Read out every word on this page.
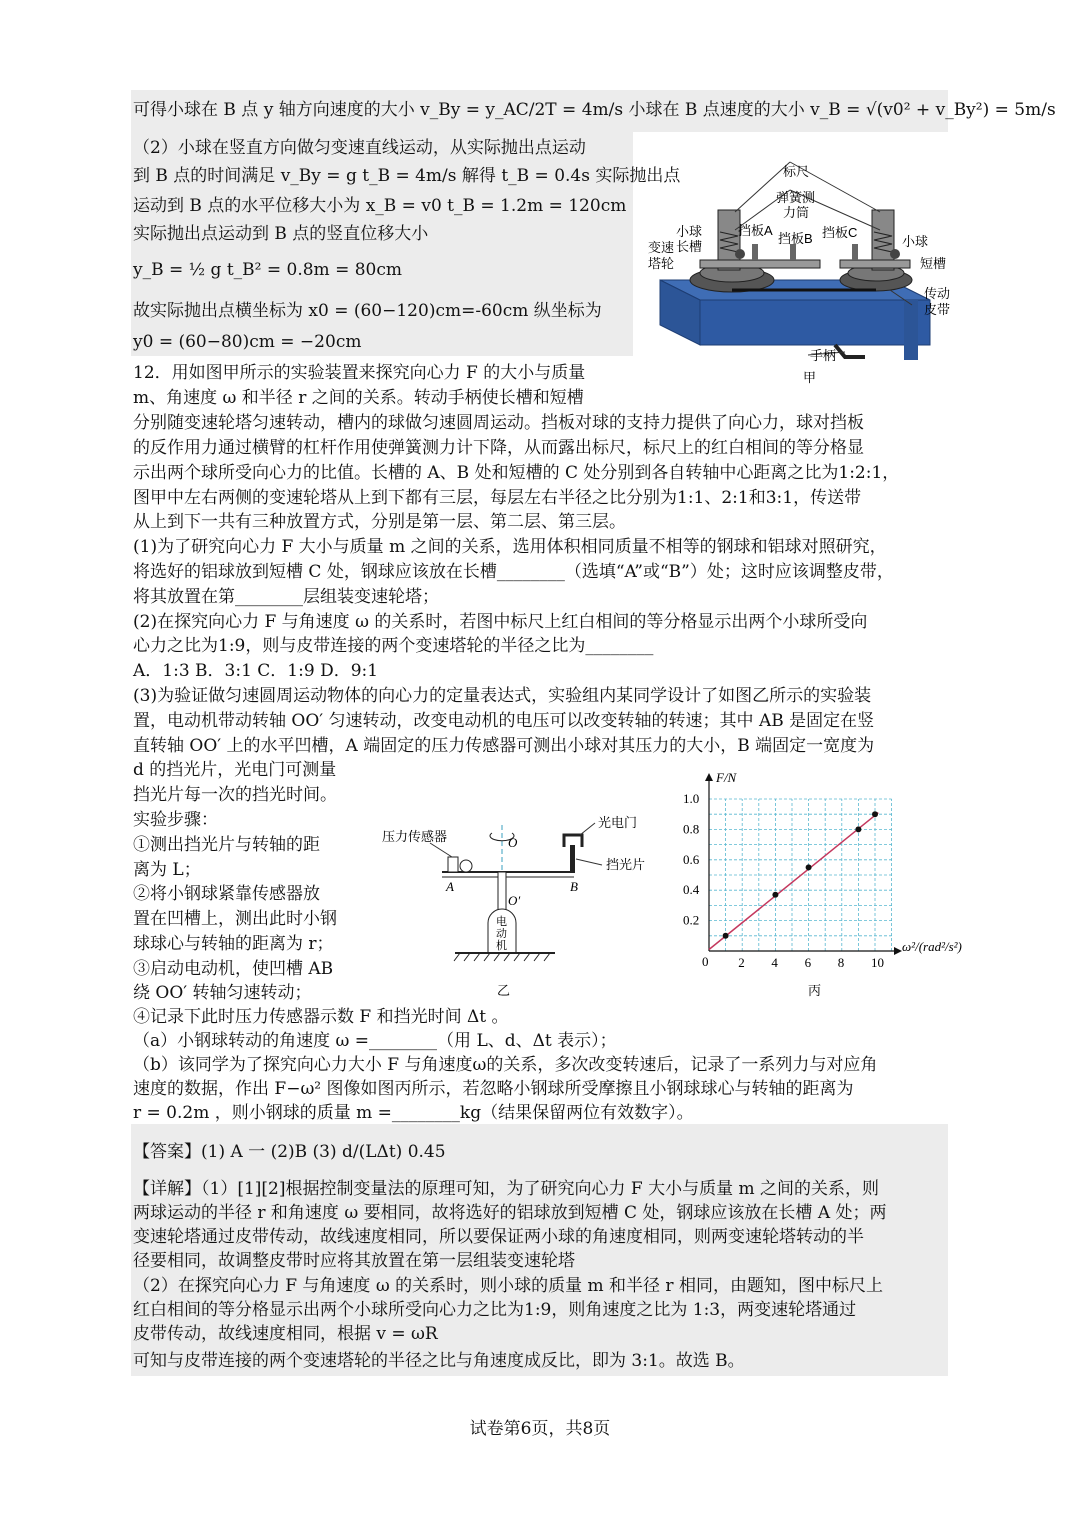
可得小球在 B 点 y 轴方向速度的大小 v_By = y_AC/2T = 4m/s 小球在 B 点速度的大小 v_B = √(v0² + v_By²) = 5m/s
（2）小球在竖直方向做匀变速直线运动，从实际抛出点运动
到 B 点的时间满足 v_By = g t_B = 4m/s 解得 t_B = 0.4s 实际抛出点
运动到 B 点的水平位移大小为 x_B = v0 t_B = 1.2m = 120cm
实际抛出点运动到 B 点的竖直位移大小
y_B = ½ g t_B² = 0.8m = 80cm
故实际抛出点横坐标为 x0 = (60−120)cm=-60cm 纵坐标为
y0 = (60−80)cm = −20cm
12．用如图甲所示的实验装置来探究向心力 F 的大小与质量
m、角速度 ω 和半径 r 之间的关系。转动手柄使长槽和短槽
分别随变速轮塔匀速转动，槽内的球做匀速圆周运动。挡板对球的支持力提供了向心力，球对挡板
的反作用力通过横臂的杠杆作用使弹簧测力计下降，从而露出标尺，标尺上的红白相间的等分格显
示出两个球所受向心力的比值。长槽的 A、B 处和短槽的 C 处分别到各自转轴中心距离之比为1:2:1，
图甲中左右两侧的变速轮塔从上到下都有三层，每层左右半径之比分别为1:1、2:1和3:1，传送带
从上到下一共有三种放置方式，分别是第一层、第二层、第三层。
(1)为了研究向心力 F 大小与质量 m 之间的关系，选用体积相同质量不相等的钢球和铝球对照研究，
将选好的铝球放到短槽 C 处，钢球应该放在长槽________（选填“A”或“B”）处；这时应该调整皮带，
将其放置在第________层组装变速轮塔；
(2)在探究向心力 F 与角速度 ω 的关系时，若图中标尺上红白相间的等分格显示出两个小球所受向
心力之比为1:9，则与皮带连接的两个变速塔轮的半径之比为________
A．1:3 B．3:1 C．1:9 D．9:1
(3)为验证做匀速圆周运动物体的向心力的定量表达式，实验组内某同学设计了如图乙所示的实验装
置，电动机带动转轴 OO′ 匀速转动，改变电动机的电压可以改变转轴的转速；其中 AB 是固定在竖
直转轴 OO′ 上的水平凹槽，A 端固定的压力传感器可测出小球对其压力的大小，B 端固定一宽度为
d 的挡光片，光电门可测量
挡光片每一次的挡光时间。
实验步骤：
①测出挡光片与转轴的距
离为 L；
②将小钢球紧靠传感器放
置在凹槽上，测出此时小钢
球球心与转轴的距离为 r；
③启动电动机，使凹槽 AB
绕 OO′ 转轴匀速转动；
④记录下此时压力传感器示数 F 和挡光时间 Δt 。
（a）小钢球转动的角速度 ω =________（用 L、d、Δt 表示）；
（b）该同学为了探究向心力大小 F 与角速度ω的关系，多次改变转速后，记录了一系列力与对应角
速度的数据，作出 F−ω² 图像如图丙所示，若忽略小钢球所受摩擦且小钢球球心与转轴的距离为
r = 0.2m ，则小钢球的质量 m =________kg（结果保留两位有效数字）。
【答案】(1) A 一 (2)B (3) d/(LΔt) 0.45
【详解】（1）[1][2]根据控制变量法的原理可知，为了研究向心力 F 大小与质量 m 之间的关系，则
两球运动的半径 r 和角速度 ω 要相同，故将选好的铝球放到短槽 C 处，钢球应该放在长槽 A 处；两
变速轮塔通过皮带传动，故线速度相同，所以要保证两小球的角速度相同，则两变速轮塔转动的半
径要相同，故调整皮带时应将其放置在第一层组装变速轮塔
（2）在探究向心力 F 与角速度 ω 的关系时，则小球的质量 m 和半径 r 相同，由题知，图中标尺上
红白相间的等分格显示出两个小球所受向心力之比为1:9，则角速度之比为 1:3，两变速轮塔通过
皮带传动，故线速度相同，根据 v = ωR
可知与皮带连接的两个变速塔轮的半径之比与角速度成反比，即为 3:1。故选 B。
标尺
弹簧测
力筒
挡板A
挡板B 挡板C
小球
长槽	小球
变速
塔轮	短槽
传动
皮带
手柄
甲
压力传感器
光电门
挡光片
O
O′
A	B
电
动
机
乙
F/N
ω²/(rad²/s²)
0
丙
2 4 6 8 10
0.2
0.4
0.6
0.8
1.0
试卷第6页，共8页
